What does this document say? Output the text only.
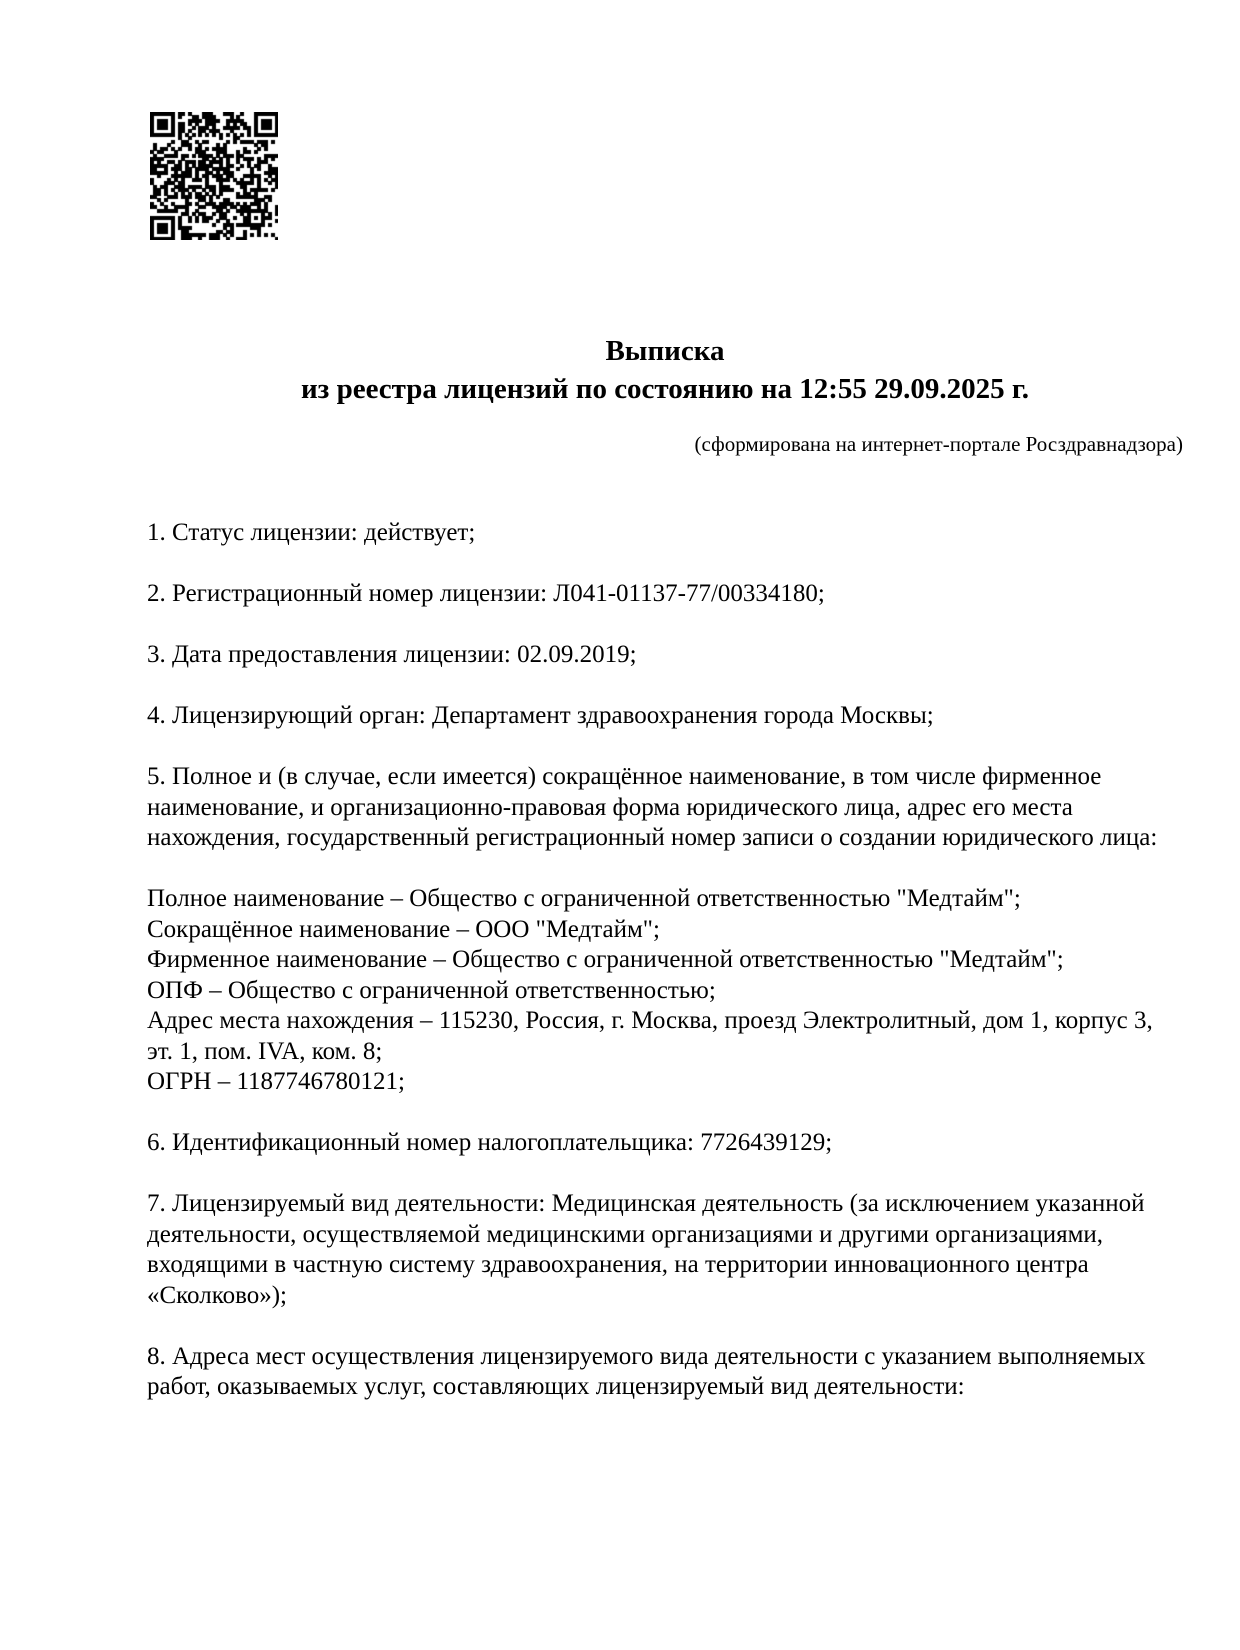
Выписка
из реестра лицензий по состоянию на 12:55 29.09.2025 г.
(сформирована на интернет-портале Росздравнадзора)

1. Статус лицензии: действует;

2. Регистрационный номер лицензии: Л041-01137-77/00334180;

3. Дата предоставления лицензии: 02.09.2019;

4. Лицензирующий орган: Департамент здравоохранения города Москвы;

5. Полное и (в случае, если имеется) сокращённое наименование, в том числе фирменное наименование, и организационно-правовая форма юридического лица, адрес его места нахождения, государственный регистрационный номер записи о создании юридического лица:

Полное наименование – Общество с ограниченной ответственностью "Медтайм";
Сокращённое наименование – ООО "Медтайм";
Фирменное наименование – Общество с ограниченной ответственностью "Медтайм";
ОПФ – Общество с ограниченной ответственностью;
Адрес места нахождения – 115230, Россия, г. Москва, проезд Электролитный, дом 1, корпус 3,
эт. 1, пом. IVA, ком. 8;
ОГРН – 1187746780121;

6. Идентификационный номер налогоплательщика: 7726439129;

7. Лицензируемый вид деятельности: Медицинская деятельность (за исключением указанной деятельности, осуществляемой медицинскими организациями и другими организациями, входящими в частную систему здравоохранения, на территории инновационного центра «Сколково»);

8. Адреса мест осуществления лицензируемого вида деятельности с указанием выполняемых работ, оказываемых услуг, составляющих лицензируемый вид деятельности:
